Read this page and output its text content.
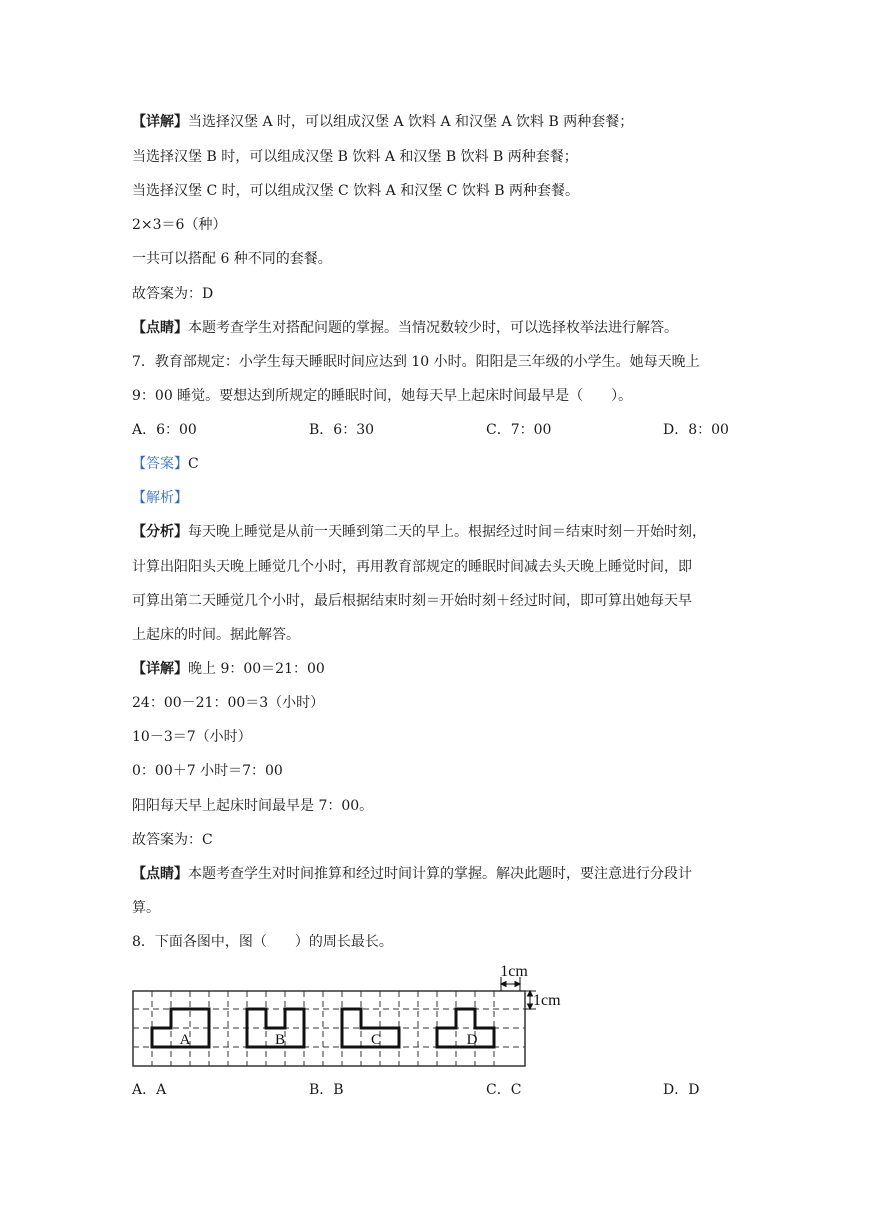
【详解】当选择汉堡 A 时，可以组成汉堡 A 饮料 A 和汉堡 A 饮料 B 两种套餐；
当选择汉堡 B 时，可以组成汉堡 B 饮料 A 和汉堡 B 饮料 B 两种套餐；
当选择汉堡 C 时，可以组成汉堡 C 饮料 A 和汉堡 C 饮料 B 两种套餐。
2×3＝6（种）
一共可以搭配 6 种不同的套餐。
故答案为：D
【点睛】本题考查学生对搭配问题的掌握。当情况数较少时，可以选择枚举法进行解答。
7．教育部规定：小学生每天睡眠时间应达到 10 小时。阳阳是三年级的小学生。她每天晚上
9：00 睡觉。要想达到所规定的睡眠时间，她每天早上起床时间最早是（　　）。
A．6：00	B．6：30	C．7：00	D．8：00
【答案】C
【解析】
【分析】每天晚上睡觉是从前一天睡到第二天的早上。根据经过时间＝结束时刻－开始时刻，
计算出阳阳头天晚上睡觉几个小时，再用教育部规定的睡眠时间减去头天晚上睡觉时间，即
可算出第二天睡觉几个小时，最后根据结束时刻＝开始时刻＋经过时间，即可算出她每天早
上起床的时间。据此解答。
【详解】晚上 9：00＝21：00
24：00－21：00＝3（小时）
10－3＝7（小时）
0：00＋7 小时＝7：00
阳阳每天早上起床时间最早是 7：00。
故答案为：C
【点睛】本题考查学生对时间推算和经过时间计算的掌握。解决此题时，要注意进行分段计
算。
8．下面各图中，图（　　）的周长最长。
A	B	C	D
1cm
1cm
A．A	B．B	C．C	D．D
